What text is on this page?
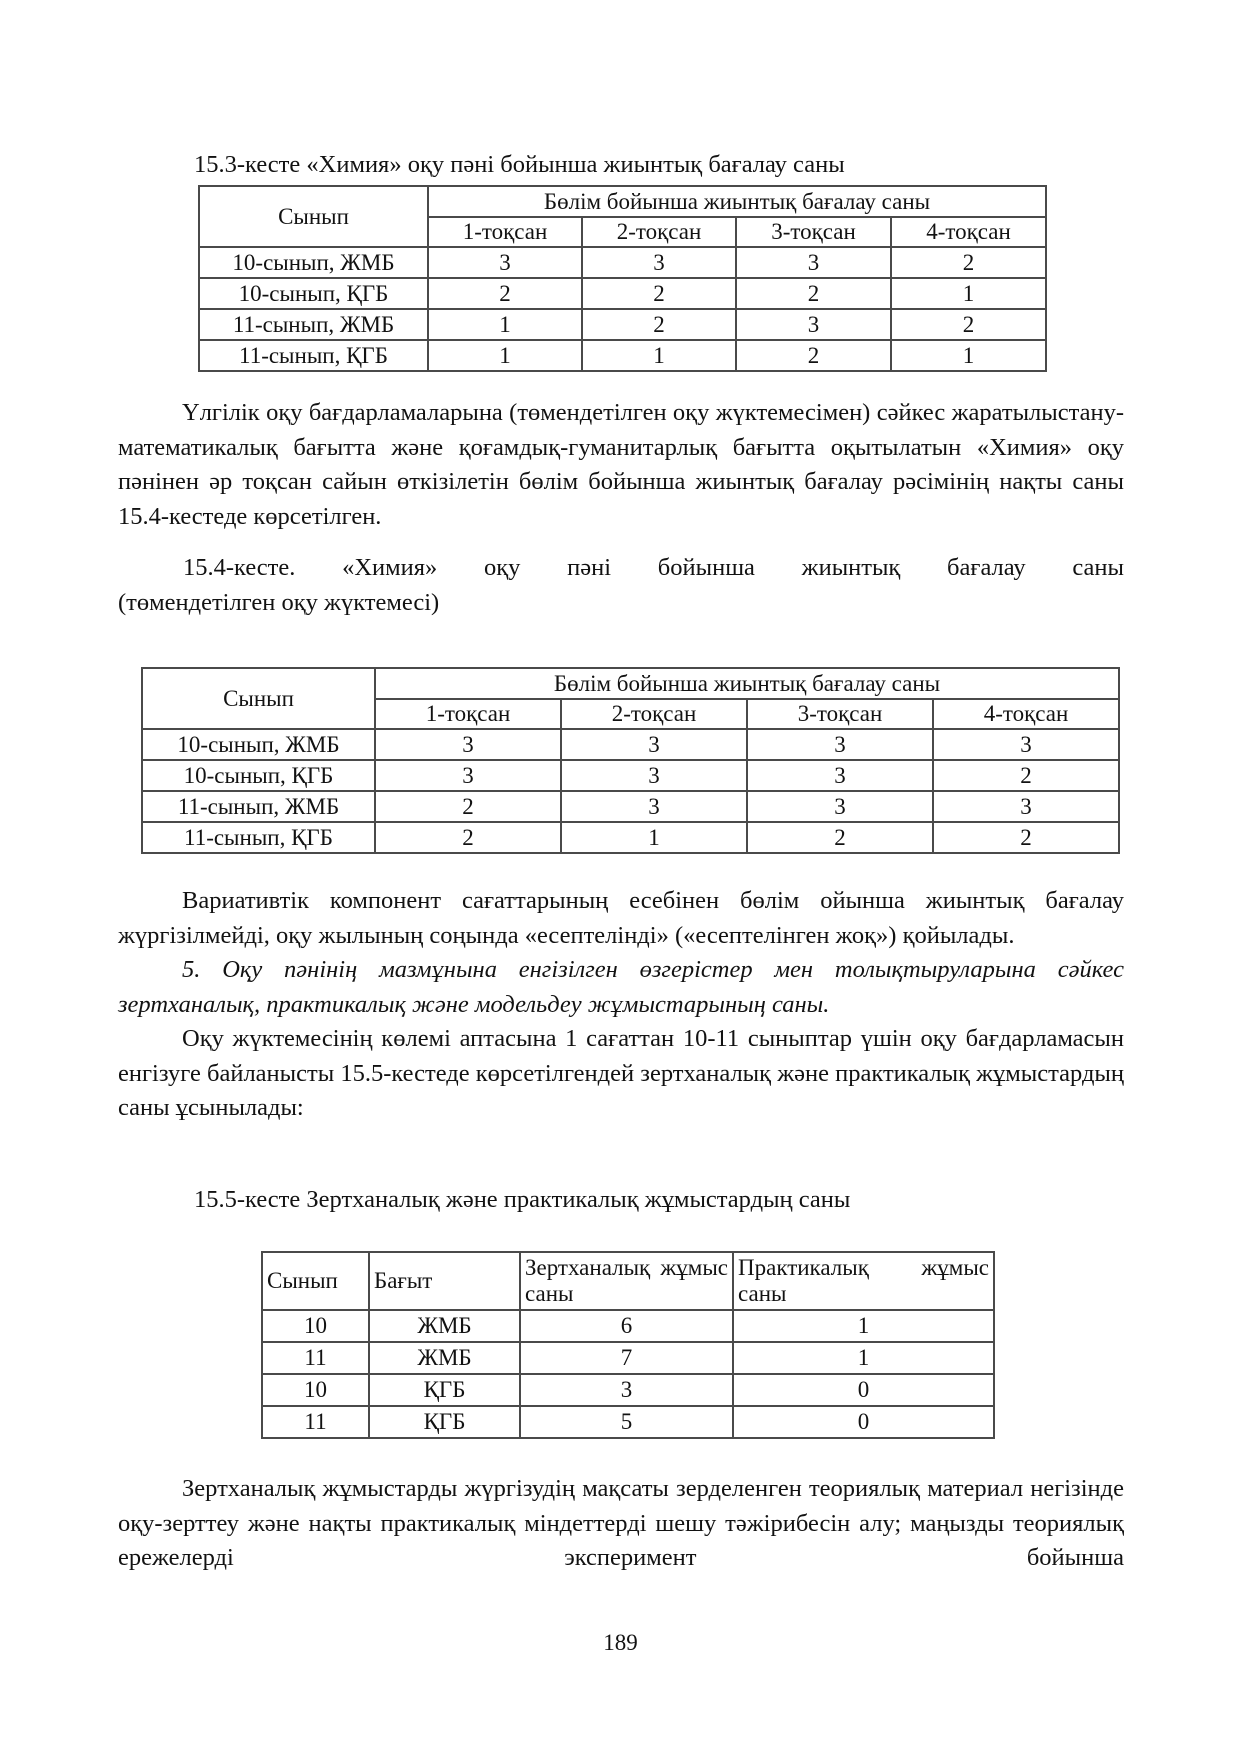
15.3-кесте «Химия» оқу пәні бойынша жиынтық бағалау саны
Сынып	Бөлім бойынша жиынтық бағалау саны			
	1-тоқсан	2-тоқсан	3-тоқсан	4-тоқсан
10-сынып, ЖМБ	3	3	3	2
10-сынып, ҚГБ	2	2	2	1
11-сынып, ЖМБ	1	2	3	2
11-сынып, ҚГБ	1	1	2	1

Үлгілік оқу бағдарламаларына (төмендетілген оқу жүктемесімен) сәйкес жаратылыстану-математикалық бағытта және қоғамдық-гуманитарлық бағытта оқытылатын «Химия» оқу пәнінен әр тоқсан сайын өткізілетін бөлім бойынша жиынтық бағалау рәсімінің нақты саны 15.4-кестеде көрсетілген.

15.4-кесте. «Химия» оқу пәні бойынша жиынтық бағалау саны
(төмендетілген оқу жүктемесі)
Сынып	Бөлім бойынша жиынтық бағалау саны			
	1-тоқсан	2-тоқсан	3-тоқсан	4-тоқсан
10-сынып, ЖМБ	3	3	3	3
10-сынып, ҚГБ	3	3	3	2
11-сынып, ЖМБ	2	3	3	3
11-сынып, ҚГБ	2	1	2	2

Вариативтік компонент сағаттарының есебінен бөлім ойынша жиынтық бағалау жүргізілмейді, оқу жылының соңында «есептелінді» («есептелінген жоқ») қойылады.

5. Оқу пәнінің мазмұнына енгізілген өзгерістер мен толықтыруларына сәйкес зертханалық, практикалық және модельдеу жұмыстарының саны.

Оқу жүктемесінің көлемі аптасына 1 сағаттан 10-11 сыныптар үшін оқу бағдарламасын енгізуге байланысты 15.5-кестеде көрсетілгендей зертханалық және практикалық жұмыстардың саны ұсынылады:

15.5-кесте Зертханалық және практикалық жұмыстардың саны
Сынып	Бағыт	Зертханалық жұмыс саны	Практикалық жұмыс саны
10	ЖМБ	6	1
11	ЖМБ	7	1
10	ҚГБ	3	0
11	ҚГБ	5	0

Зертханалық жұмыстарды жүргізудің мақсаты зерделенген теориялық материал негізінде оқу-зерттеу және нақты практикалық міндеттерді шешу тәжірибесін алу; маңызды теориялық ережелерді эксперимент бойынша

189
